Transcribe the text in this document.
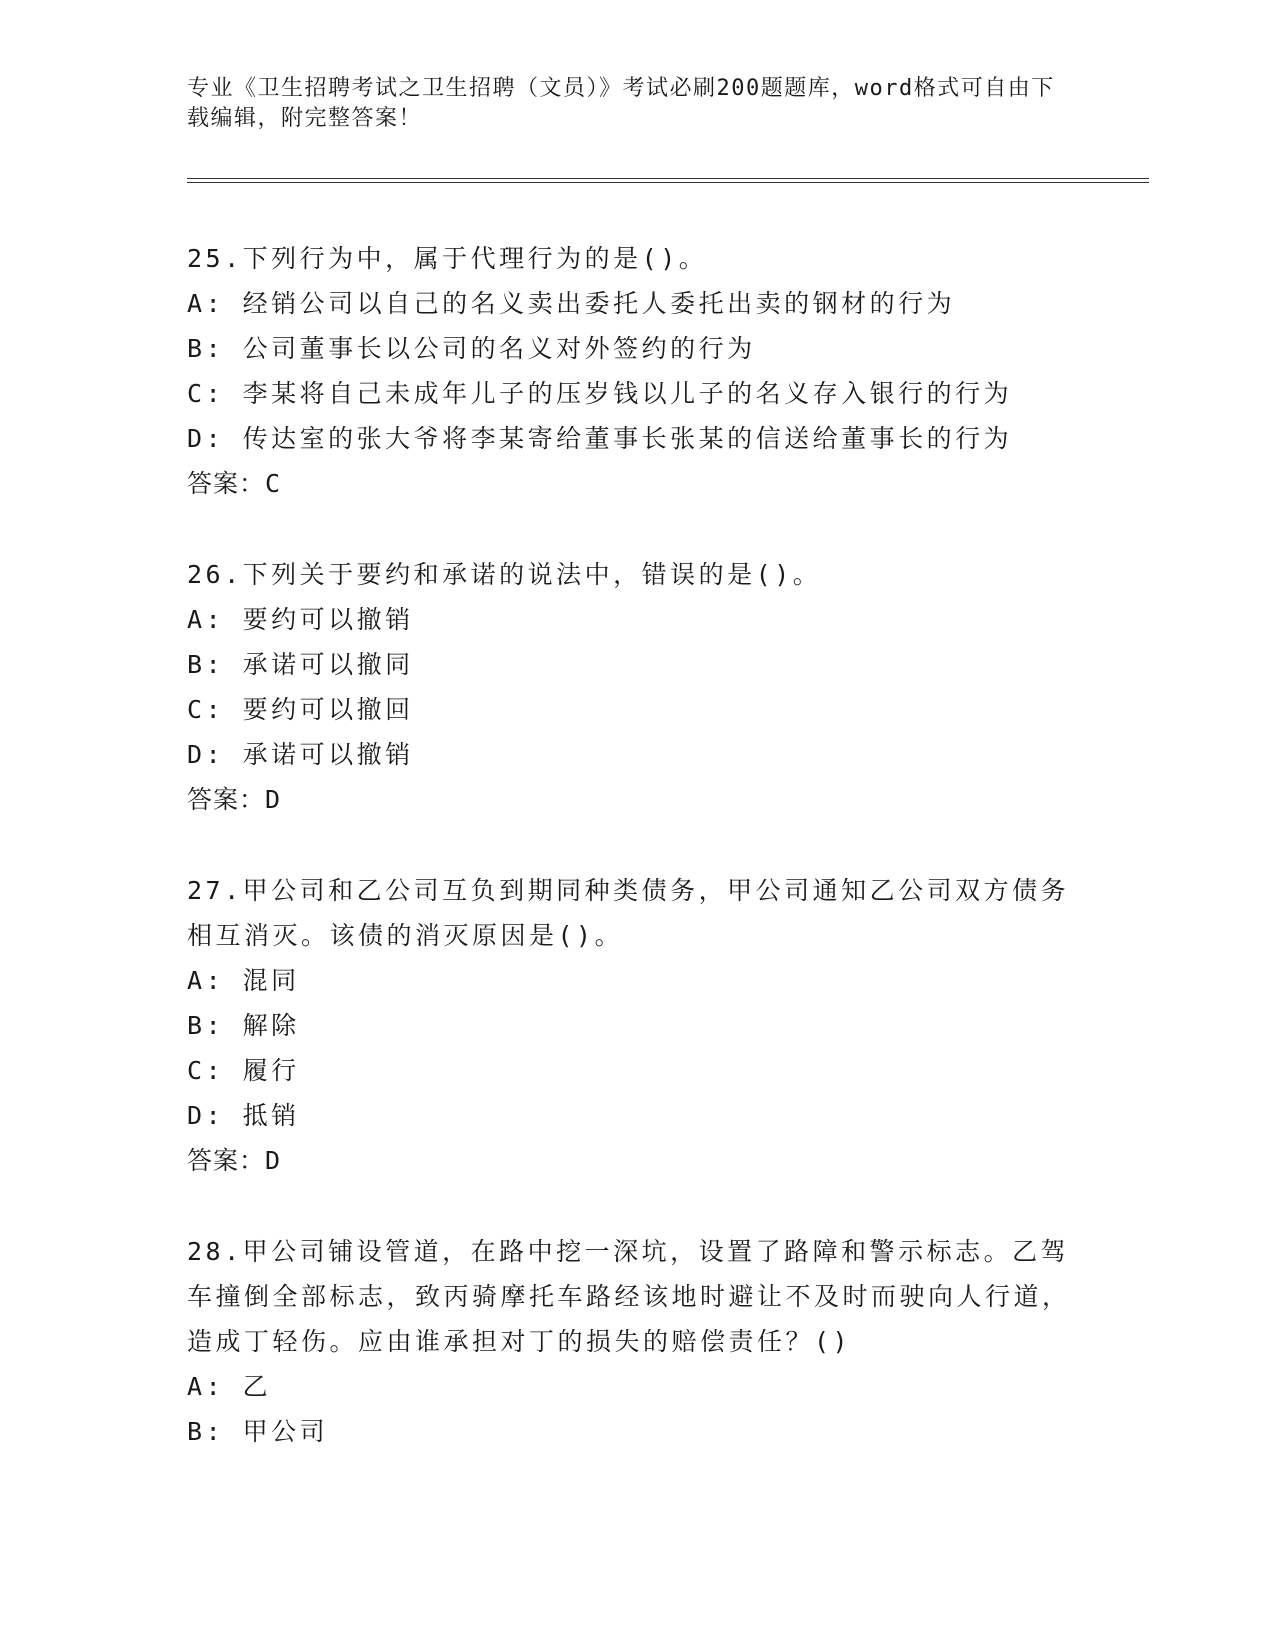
专业《卫生招聘考试之卫生招聘（文员）》考试必刷200题题库，word格式可自由下载编辑，附完整答案！

25.下列行为中，属于代理行为的是()。

A: 经销公司以自己的名义卖出委托人委托出卖的钢材的行为

B: 公司董事长以公司的名义对外签约的行为

C: 李某将自己未成年儿子的压岁钱以儿子的名义存入银行的行为

D: 传达室的张大爷将李某寄给董事长张某的信送给董事长的行为

答案：C

26.下列关于要约和承诺的说法中，错误的是()。

A: 要约可以撤销

B: 承诺可以撤同

C: 要约可以撤回

D: 承诺可以撤销

答案：D

27.甲公司和乙公司互负到期同种类债务，甲公司通知乙公司双方债务相互消灭。该债的消灭原因是()。

A: 混同

B: 解除

C: 履行

D: 抵销

答案：D

28.甲公司铺设管道，在路中挖一深坑，设置了路障和警示标志。乙驾车撞倒全部标志，致丙骑摩托车路经该地时避让不及时而驶向人行道，造成丁轻伤。应由谁承担对丁的损失的赔偿责任？()

A: 乙

B: 甲公司
